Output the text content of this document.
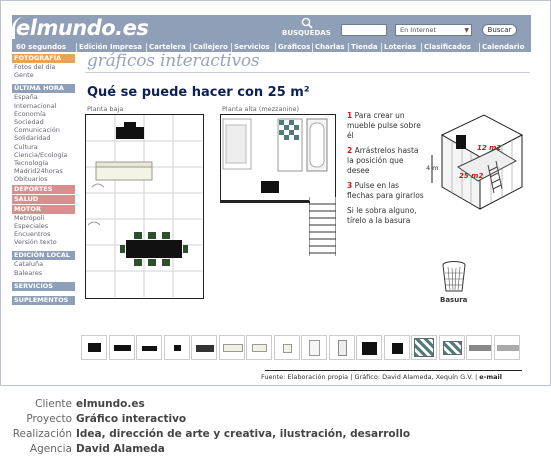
elmundo.es	BUSQUEDAS	En Internet	▼	Buscar
60 segundos Edición Impresa Cartelera Callejero Servicios Gráficos Charlas Tienda Loterías Clasificados Calendario
FOTOGRAFÍA
Fotos del día
Gente
ÚLTIMA HORA
España
Internacional
Economía
Sociedad
Comunicación
Solidaridad
Cultura
Ciencia/Ecología
Tecnología
Madrid24horas
Obituarios
DEPORTES
SALUD
MOTOR
Metrópoli
Especiales
Encuentros
Versión texto
EDICIÓN LOCAL
Cataluña
Baleares
SERVICIOS
SUPLEMENTOS
gráficos interactivos
Qué se puede hacer con 25 m²
Planta baja	Planta alta (mezzanine)

1 Para crear un mueble pulse sobre él

2 Arrástrelos hasta la posición que desee

3 Pulse en las flechas para girarlos

Si le sobra alguno, tírelo a la basura

12 m2
25 m2
4 m
Basura
Fuente: Elaboración propia | Gráfico: David Alameda, Xequín G.V. | e-mail
Cliente elmundo.es
Proyecto Gráfico interactivo
Realización Idea, dirección de arte y creativa, ilustración, desarrollo
Agencia David Alameda
